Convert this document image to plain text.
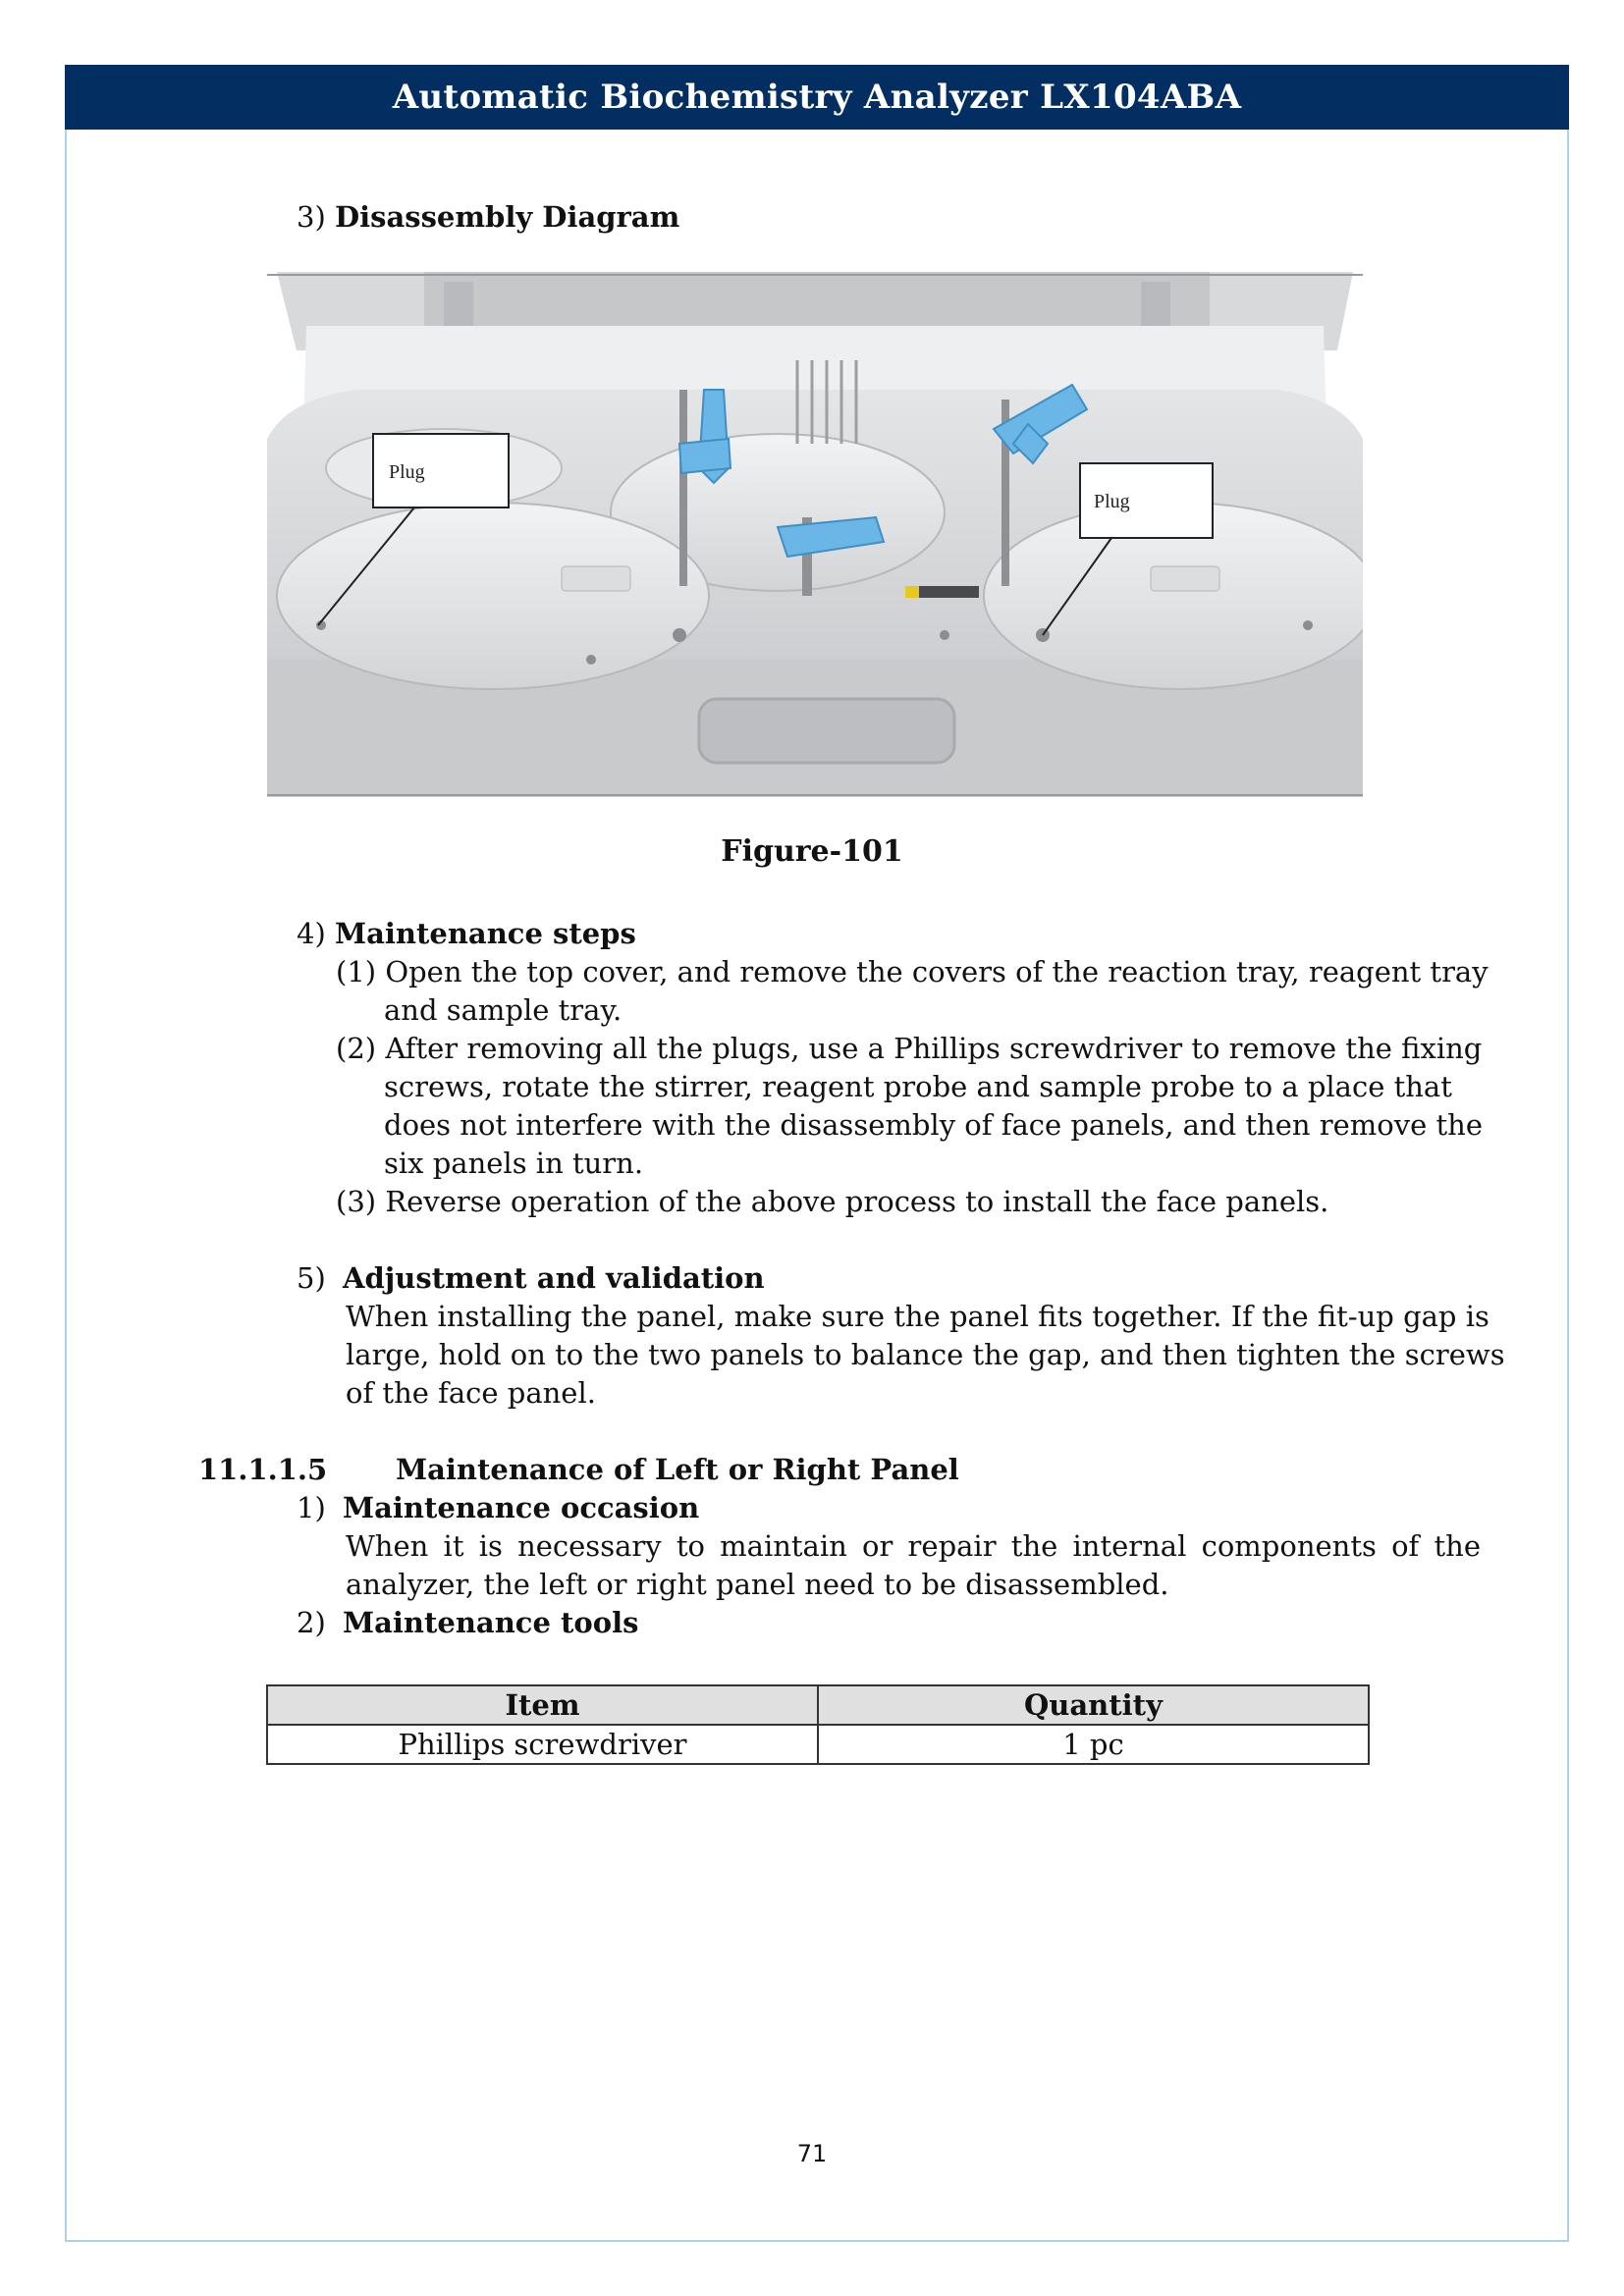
Automatic Biochemistry Analyzer LX104ABA
3) Disassembly Diagram
Plug
Plug
Figure-101
4) Maintenance steps
(1) Open the top cover, and remove the covers of the reaction tray, reagent tray
and sample tray.
(2) After removing all the plugs, use a Phillips screwdriver to remove the fixing
screws, rotate the stirrer, reagent probe and sample probe to a place that
does not interfere with the disassembly of face panels, and then remove the
six panels in turn.
(3) Reverse operation of the above process to install the face panels.
5) Adjustment and validation
When installing the panel, make sure the panel fits together. If the fit-up gap is
large, hold on to the two panels to balance the gap, and then tighten the screws
of the face panel.
11.1.1.5 Maintenance of Left or Right Panel
1) Maintenance occasion
When it is necessary to maintain or repair the internal components of the
analyzer, the left or right panel need to be disassembled.
2) Maintenance tools
Item	Quantity
Phillips screwdriver	1 pc
71
